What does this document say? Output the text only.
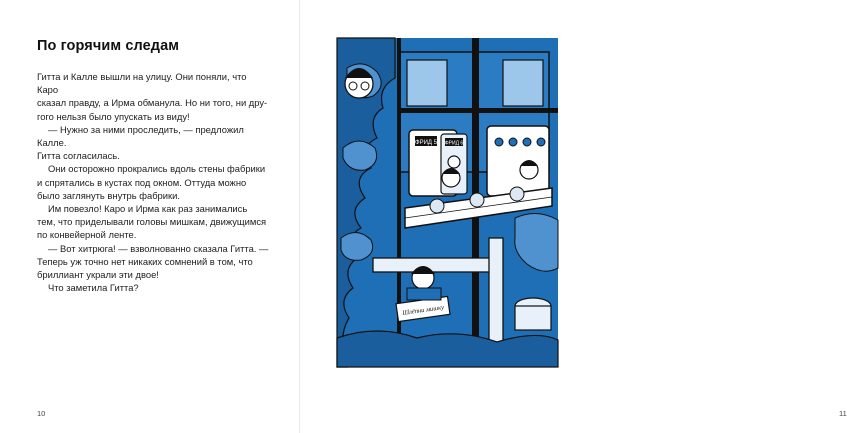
По горячим следам

Гитта и Калле вышли на улицу. Они поняли, что Каро
сказал правду, а Ирма обманула. Но ни того, ни дру-
гого нельзя было упускать из виду!

— Нужно за ними проследить, — предложил Калле.
Гитта согласилась.

Они осторожно прокрались вдоль стены фабрики
и спрятались в кустах под окном. Оттуда можно
было заглянуть внутрь фабрики.

Им повезло! Каро и Ирма как раз занимались
тем, что приделывали головы мишкам, движущимся
по конвейерной ленте.

— Вот хитрюга! — взволнованно сказала Гитта. —
Теперь уж точно нет никаких сомнений в том, что
бриллиант украли эти двое!

Что заметила Гитта?

10	11
ФРИД 5 ФРИД 6
Шлёпни мишку
